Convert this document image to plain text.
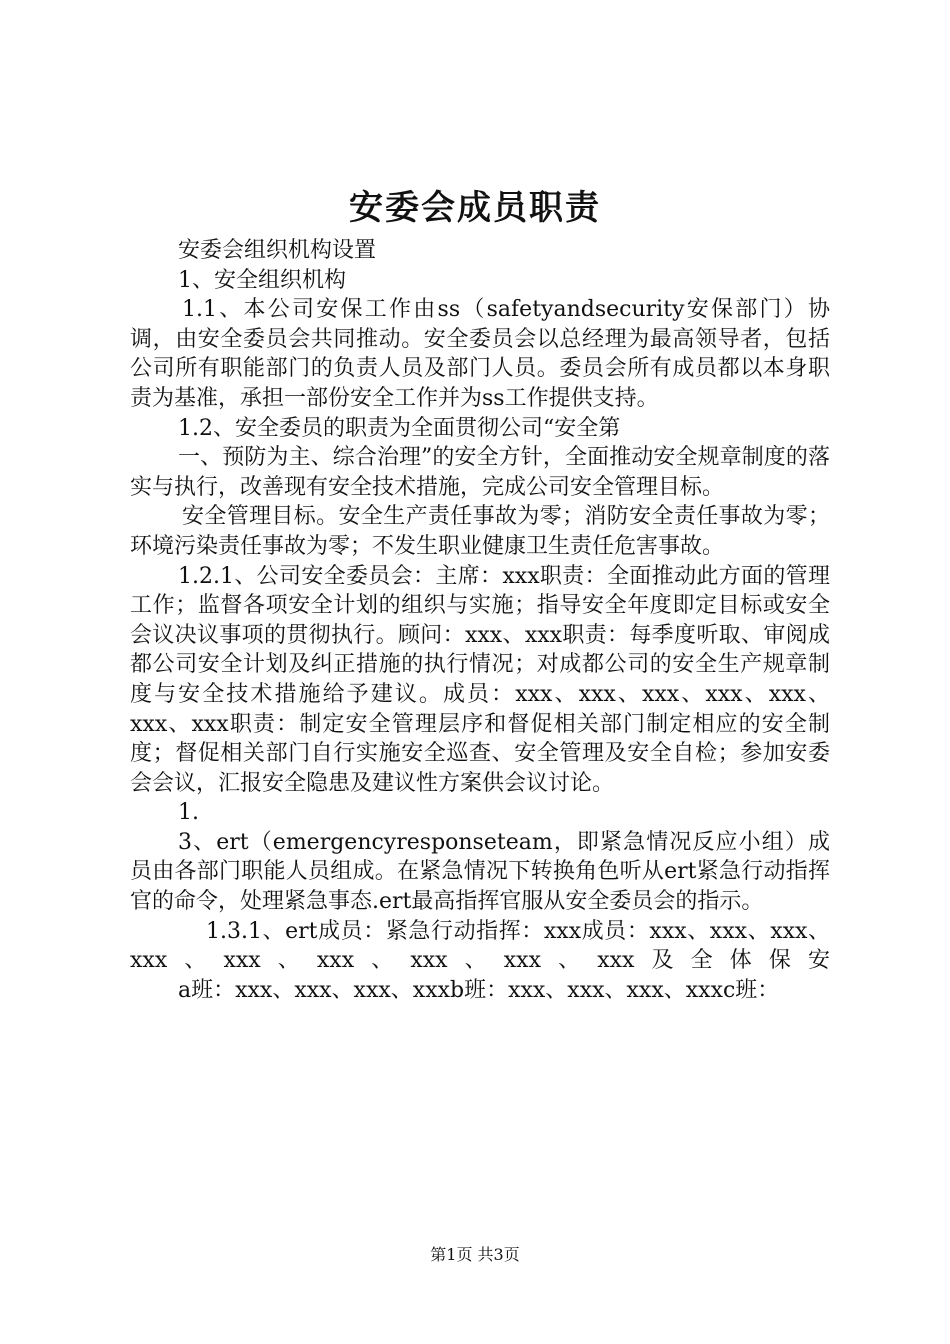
安委会成员职责

安委会组织机构设置

1、安全组织机构

1.1、本公司安保工作由ss（safetyandsecurity安保部门）协调，由安全委员会共同推动。安全委员会以总经理为最高领导者，包括公司所有职能部门的负责人员及部门人员。委员会所有成员都以本身职责为基准，承担一部份安全工作并为ss工作提供支持。

1.2、安全委员的职责为全面贯彻公司“安全第

一、预防为主、综合治理”的安全方针，全面推动安全规章制度的落实与执行，改善现有安全技术措施，完成公司安全管理目标。

安全管理目标。安全生产责任事故为零；消防安全责任事故为零；环境污染责任事故为零；不发生职业健康卫生责任危害事故。

1.2.1、公司安全委员会：主席：xxx职责：全面推动此方面的管理工作；监督各项安全计划的组织与实施；指导安全年度即定目标或安全会议决议事项的贯彻执行。顾问：xxx、xxx职责：每季度听取、审阅成都公司安全计划及纠正措施的执行情况；对成都公司的安全生产规章制度与安全技术措施给予建议。成员：xxx、xxx、xxx、xxx、xxx、xxx、xxx职责：制定安全管理层序和督促相关部门制定相应的安全制度；督促相关部门自行实施安全巡查、安全管理及安全自检；参加安委会会议，汇报安全隐患及建议性方案供会议讨论。

1.

3、ert（emergencyresponseteam，即紧急情况反应小组）成员由各部门职能人员组成。在紧急情况下转换角色听从ert紧急行动指挥官的命令，处理紧急事态.ert最高指挥官服从安全委员会的指示。

1.3.1、ert成员：紧急行动指挥：xxx成员：xxx、xxx、xxx、xxx、xxx、xxx、xxx、xxx、xxx及全体保安

a班：xxx、xxx、xxx、xxxb班：xxx、xxx、xxx、xxxc班：

第1页 共3页
